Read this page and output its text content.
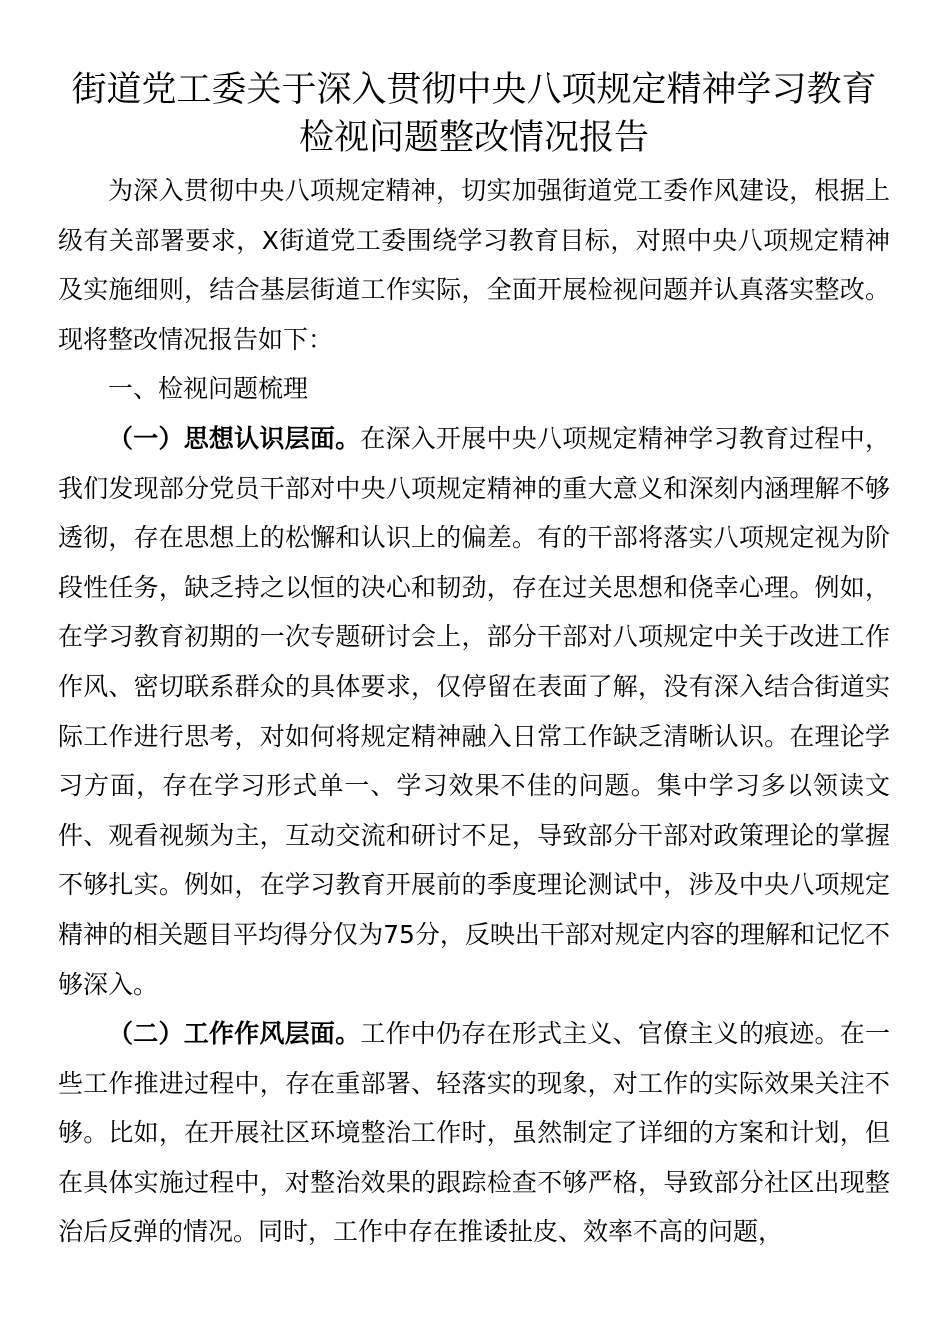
街道党工委关于深入贯彻中央八项规定精神学习教育
检视问题整改情况报告

为深入贯彻中央八项规定精神，切实加强街道党工委作风建设，根据上级有关部署要求，X街道党工委围绕学习教育目标，对照中央八项规定精神及实施细则，结合基层街道工作实际，全面开展检视问题并认真落实整改。现将整改情况报告如下：

一、检视问题梳理

（一）思想认识层面。在深入开展中央八项规定精神学习教育过程中，我们发现部分党员干部对中央八项规定精神的重大意义和深刻内涵理解不够透彻，存在思想上的松懈和认识上的偏差。有的干部将落实八项规定视为阶段性任务，缺乏持之以恒的决心和韧劲，存在过关思想和侥幸心理。例如，在学习教育初期的一次专题研讨会上，部分干部对八项规定中关于改进工作作风、密切联系群众的具体要求，仅停留在表面了解，没有深入结合街道实际工作进行思考，对如何将规定精神融入日常工作缺乏清晰认识。在理论学习方面，存在学习形式单一、学习效果不佳的问题。集中学习多以领读文件、观看视频为主，互动交流和研讨不足，导致部分干部对政策理论的掌握不够扎实。例如，在学习教育开展前的季度理论测试中，涉及中央八项规定精神的相关题目平均得分仅为75分，反映出干部对规定内容的理解和记忆不够深入。

（二）工作作风层面。工作中仍存在形式主义、官僚主义的痕迹。在一些工作推进过程中，存在重部署、轻落实的现象，对工作的实际效果关注不够。比如，在开展社区环境整治工作时，虽然制定了详细的方案和计划，但在具体实施过程中，对整治效果的跟踪检查不够严格，导致部分社区出现整治后反弹的情况。同时，工作中存在推诿扯皮、效率不高的问题，
